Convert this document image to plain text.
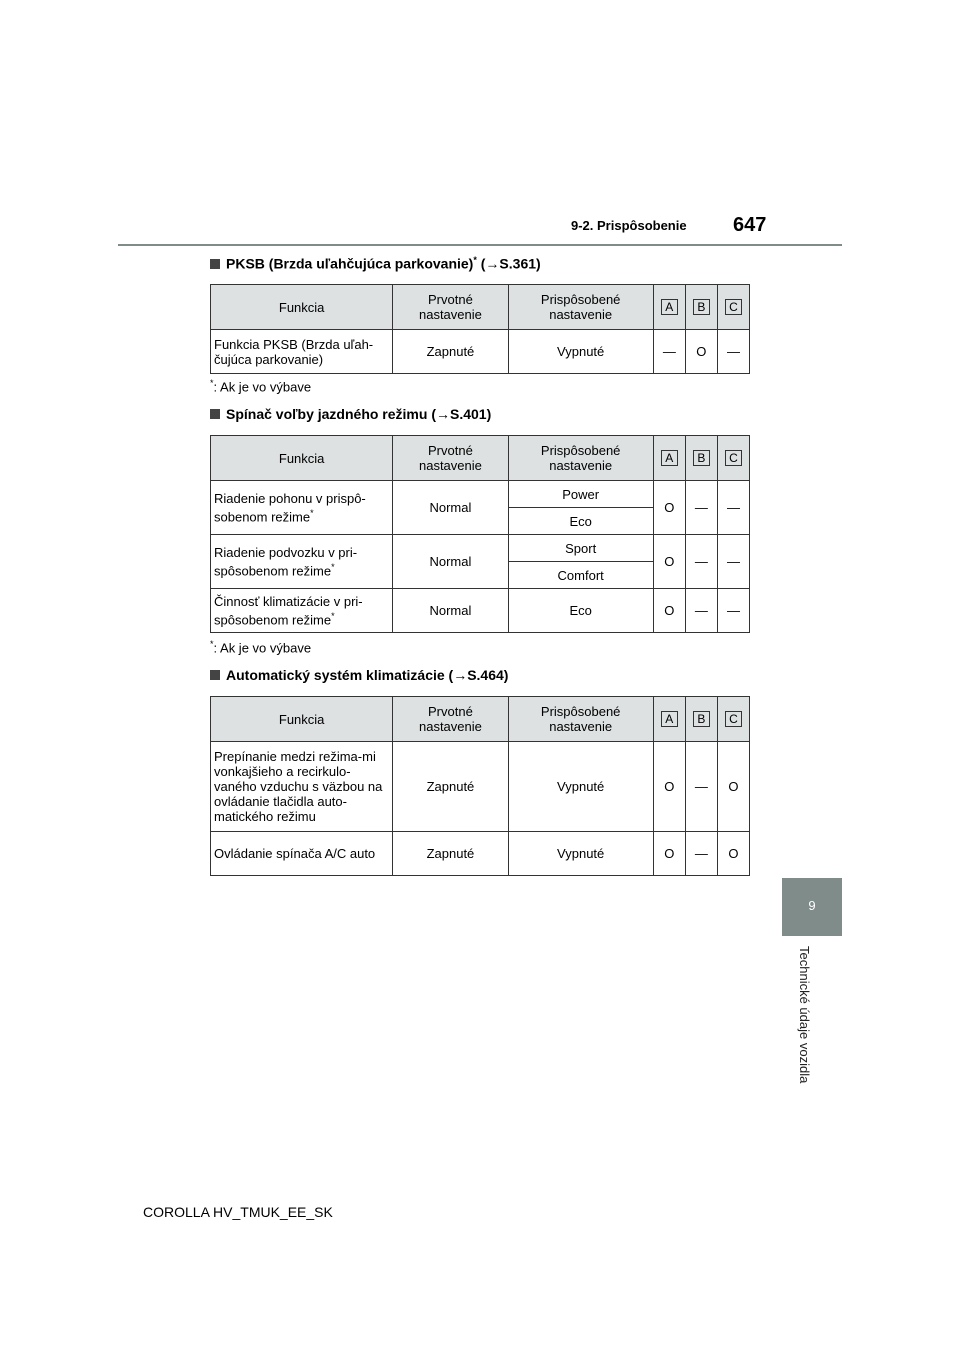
9-2. Prispôsobenie 647
9
Technické údaje vozidla
PKSB (Brzda uľahčujúca parkovanie)* (→S.361)
Funkcia	Prvotné nastavenie	Prispôsobené nastavenie	A	B	C
Funkcia PKSB (Brzda uľah-čujúca parkovanie)	Zapnuté	Vypnuté	—	O	—
*: Ak je vo výbave
Spínač voľby jazdného režimu (→S.401)
Funkcia	Prvotné nastavenie	Prispôsobené nastavenie	A	B	C
Riadenie pohonu v prispô-sobenom režime*	Normal	Power	O	—	—
		Eco			
Riadenie podvozku v pri-spôsobenom režime*	Normal	Sport	O	—	—
		Comfort			
Činnosť klimatizácie v pri-spôsobenom režime*	Normal	Eco	O	—	—
*: Ak je vo výbave
Automatický systém klimatizácie (→S.464)
Funkcia	Prvotné nastavenie	Prispôsobené nastavenie	A	B	C
Prepínanie medzi režima-mi vonkajšieho a recirkulo-vaného vzduchu s väzbou na ovládanie tlačidla auto-matického režimu	Zapnuté	Vypnuté	O	—	O
Ovládanie spínača A/C auto	Zapnuté	Vypnuté	O	—	O
COROLLA HV_TMUK_EE_SK
